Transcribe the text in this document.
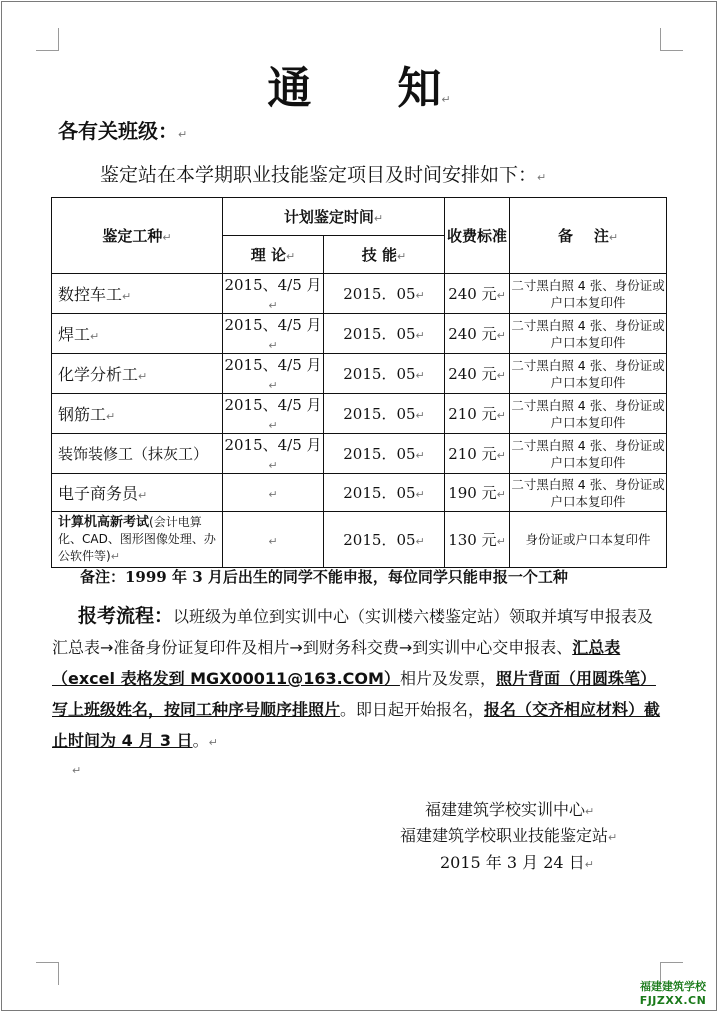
通 知↵
各有关班级：↵
鉴定站在本学期职业技能鉴定项目及时间安排如下：↵
鉴定工种↵	计划鉴定时间↵		收费标准	备    注↵
	理 论↵	技 能↵		
数控车工↵	2015、4/5 月↵	2015．05↵	240 元↵	二寸黑白照 4 张、身份证或户口本复印件
焊工↵	2015、4/5 月↵	2015．05↵	240 元↵	二寸黑白照 4 张、身份证或户口本复印件
化学分析工↵	2015、4/5 月↵	2015．05↵	240 元↵	二寸黑白照 4 张、身份证或户口本复印件
钢筋工↵	2015、4/5 月↵	2015．05↵	210 元↵	二寸黑白照 4 张、身份证或户口本复印件
装饰装修工（抹灰工）	2015、4/5 月↵	2015．05↵	210 元↵	二寸黑白照 4 张、身份证或户口本复印件
电子商务员↵	↵	2015．05↵	190 元↵	二寸黑白照 4 张、身份证或户口本复印件
计算机高新考试(会计电算化、CAD、图形图像处理、办公软件等)↵	↵	2015．05↵	130 元↵	身份证或户口本复印件
备注：1999 年 3 月后出生的同学不能申报，每位同学只能申报一个工种
报考流程：以班级为单位到实训中心（实训楼六楼鉴定站）领取并填写申报表及汇总表→准备身份证复印件及相片→到财务科交费→到实训中心交申报表、汇总表（excel 表格发到 MGX00011@163.COM）相片及发票，照片背面（用圆珠笔）写上班级姓名，按同工种序号顺序排照片。即日起开始报名，报名（交齐相应材料）截止时间为 4 月 3 日。↵
↵
福建建筑学校实训中心↵
福建建筑学校职业技能鉴定站↵
2015 年 3 月 24 日↵
福建建筑学校
FJJZXX.CN
